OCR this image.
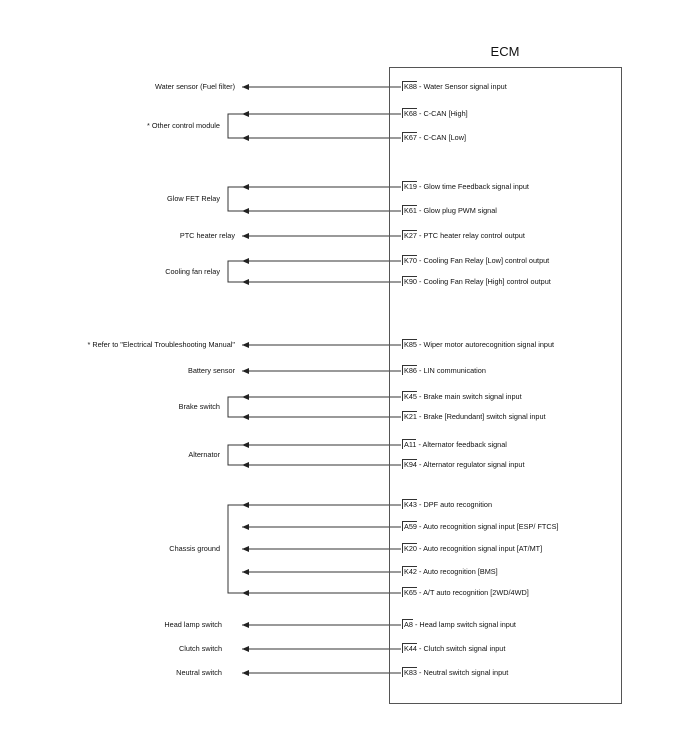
ECM
K88 - Water Sensor signal input
K68 - C-CAN [High]
K67 - C-CAN [Low]
K19 - Glow time Feedback signal input
K61 - Glow plug PWM signal
K27 - PTC heater relay control output
K70 - Cooling Fan Relay [Low] control output
K90 - Cooling Fan Relay [High] control output
K85 - Wiper motor autorecognition signal input
K86 - LIN communication
K45 - Brake main switch signal input
K21 - Brake [Redundant] switch signal input
A11 - Alternator feedback signal
K94 - Alternator regulator signal input
K43 - DPF auto recognition
A59 - Auto recognition signal input [ESP/ FTCS]
K20 - Auto recognition signal input [AT/MT]
K42 - Auto recognition [BMS]
K65 - A/T auto recognition [2WD/4WD]
A8 - Head lamp switch signal input
K44 - Clutch switch signal input
K83 - Neutral switch signal input
Water sensor (Fuel filter)
* Other control module
Glow FET Relay
PTC heater relay
Cooling fan relay
* Refer to "Electrical Troubleshooting Manual"
Battery sensor
Brake switch
Alternator
Chassis ground
Head lamp switch
Clutch switch
Neutral switch
